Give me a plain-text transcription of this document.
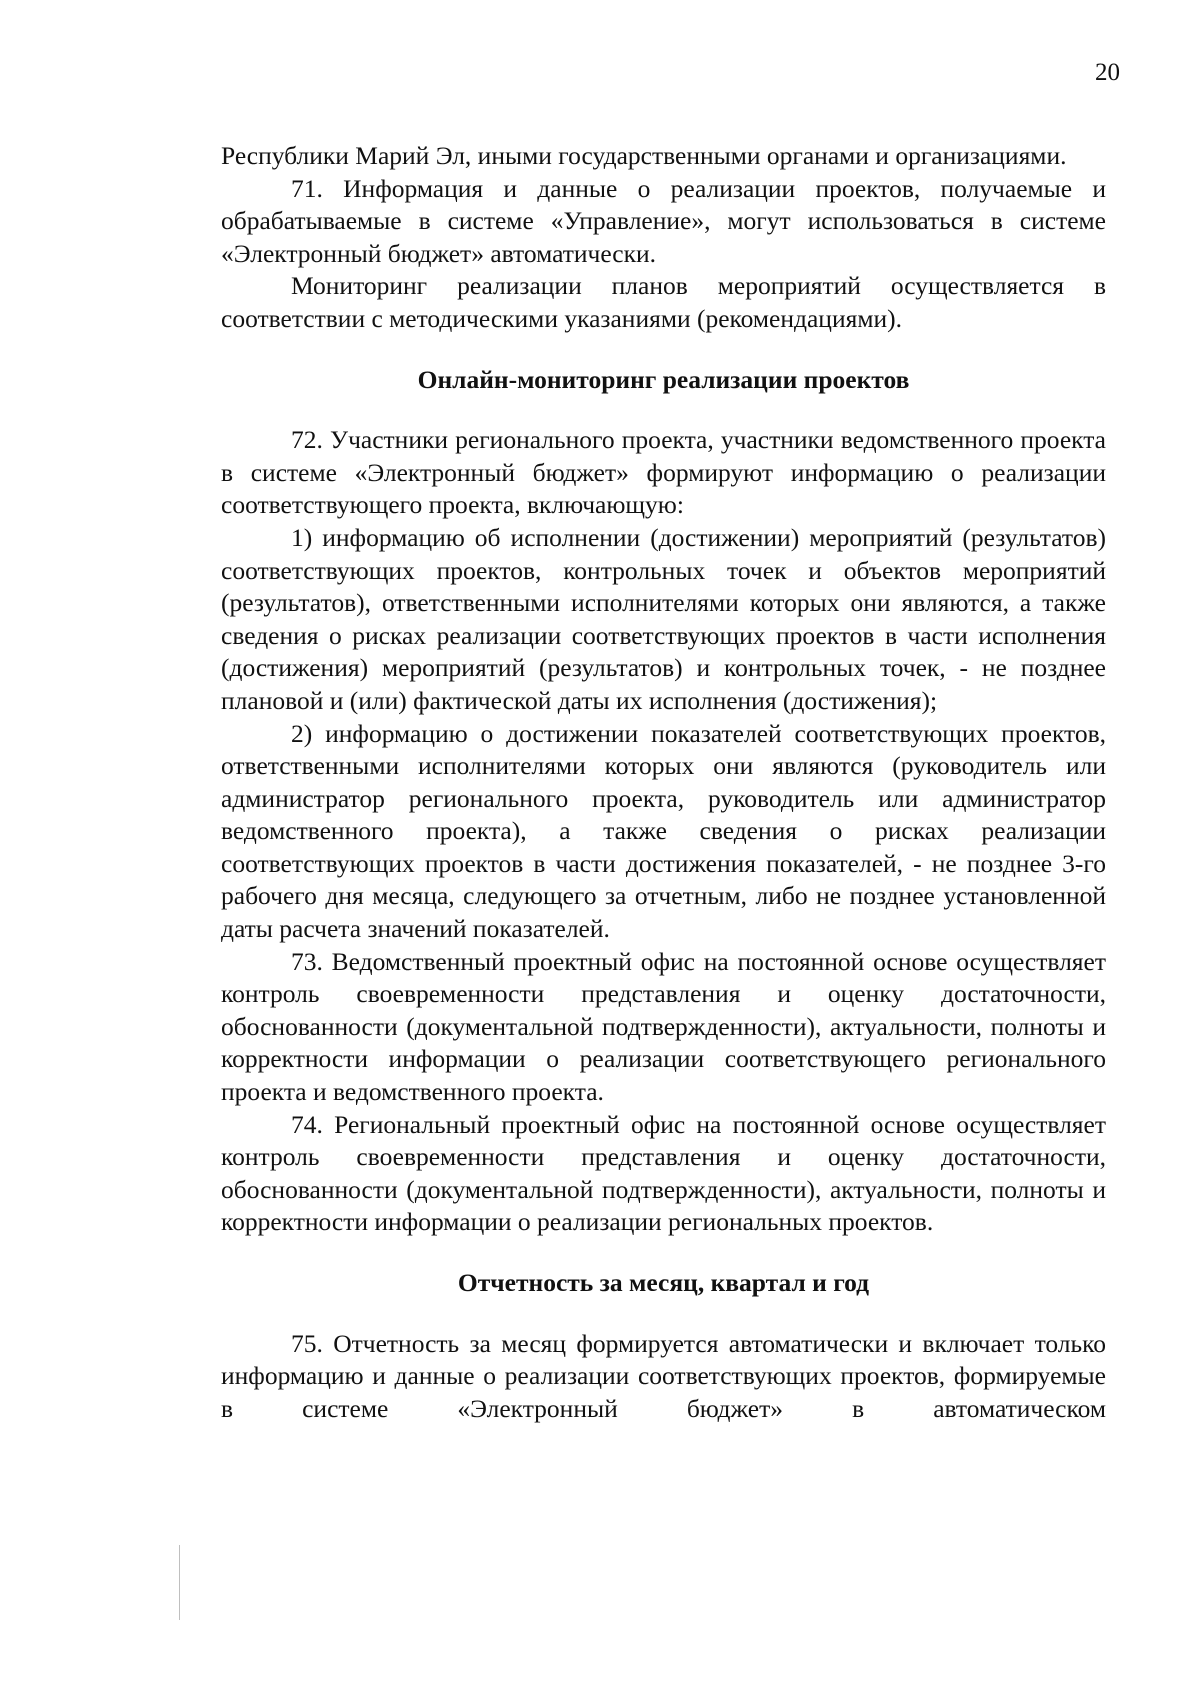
20

Республики Марий Эл, иными государственными органами и организациями.

71. Информация и данные о реализации проектов, получаемые и обрабатываемые в системе «Управление», могут использоваться в системе «Электронный бюджет» автоматически.

Мониторинг реализации планов мероприятий осуществляется в соответствии с методическими указаниями (рекомендациями).

Онлайн-мониторинг реализации проектов

72. Участники регионального проекта, участники ведомственного проекта в системе «Электронный бюджет» формируют информацию о реализации соответствующего проекта, включающую:

1) информацию об исполнении (достижении) мероприятий (результатов) соответствующих проектов, контрольных точек и объектов мероприятий (результатов), ответственными исполнителями которых они являются, а также сведения о рисках реализации соответствующих проектов в части исполнения (достижения) мероприятий (результатов) и контрольных точек, - не позднее плановой и (или) фактической даты их исполнения (достижения);

2) информацию о достижении показателей соответствующих проектов, ответственными исполнителями которых они являются (руководитель или администратор регионального проекта, руководитель или администратор ведомственного проекта), а также сведения о рисках реализации соответствующих проектов в части достижения показателей, - не позднее 3-го рабочего дня месяца, следующего за отчетным, либо не позднее установленной даты расчета значений показателей.

73. Ведомственный проектный офис на постоянной основе осуществляет контроль своевременности представления и оценку достаточности, обоснованности (документальной подтвержденности), актуальности, полноты и корректности информации о реализации соответствующего регионального проекта и ведомственного проекта.

74. Региональный проектный офис на постоянной основе осуществляет контроль своевременности представления и оценку достаточности, обоснованности (документальной подтвержденности), актуальности, полноты и корректности информации о реализации региональных проектов.

Отчетность за месяц, квартал и год

75. Отчетность за месяц формируется автоматически и включает только информацию и данные о реализации соответствующих проектов, формируемые в системе «Электронный бюджет» в автоматическом
